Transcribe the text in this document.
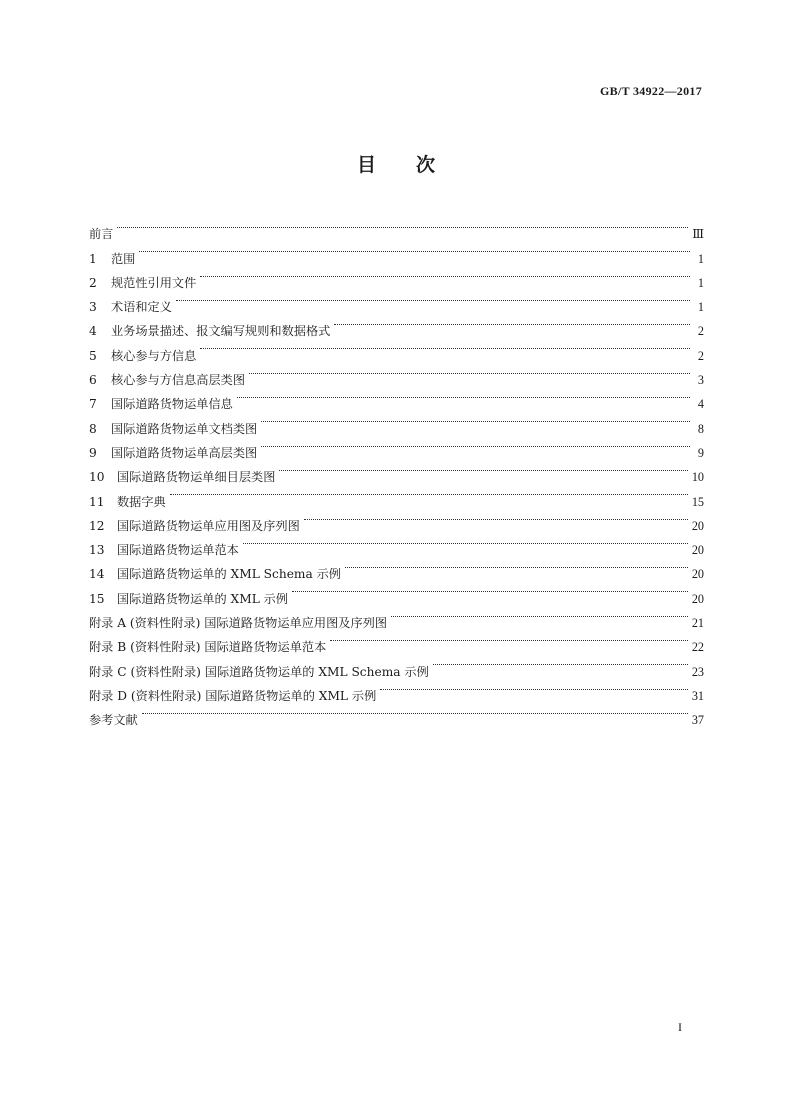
GB/T 34922—2017
目 次
前言	Ⅲ
1	范围	1
2	规范性引用文件	1
3	术语和定义	1
4	业务场景描述、报文编写规则和数据格式	2
5	核心参与方信息	2
6	核心参与方信息高层类图	3
7	国际道路货物运单信息	4
8	国际道路货物运单文档类图	8
9	国际道路货物运单高层类图	9
10	国际道路货物运单细目层类图	10
11	数据字典	15
12	国际道路货物运单应用图及序列图	20
13	国际道路货物运单范本	20
14	国际道路货物运单的 XML Schema 示例	20
15	国际道路货物运单的 XML 示例	20
附录 A (资料性附录) 国际道路货物运单应用图及序列图	21
附录 B (资料性附录) 国际道路货物运单范本	22
附录 C (资料性附录) 国际道路货物运单的 XML Schema 示例	23
附录 D (资料性附录) 国际道路货物运单的 XML 示例	31
参考文献	37
I
